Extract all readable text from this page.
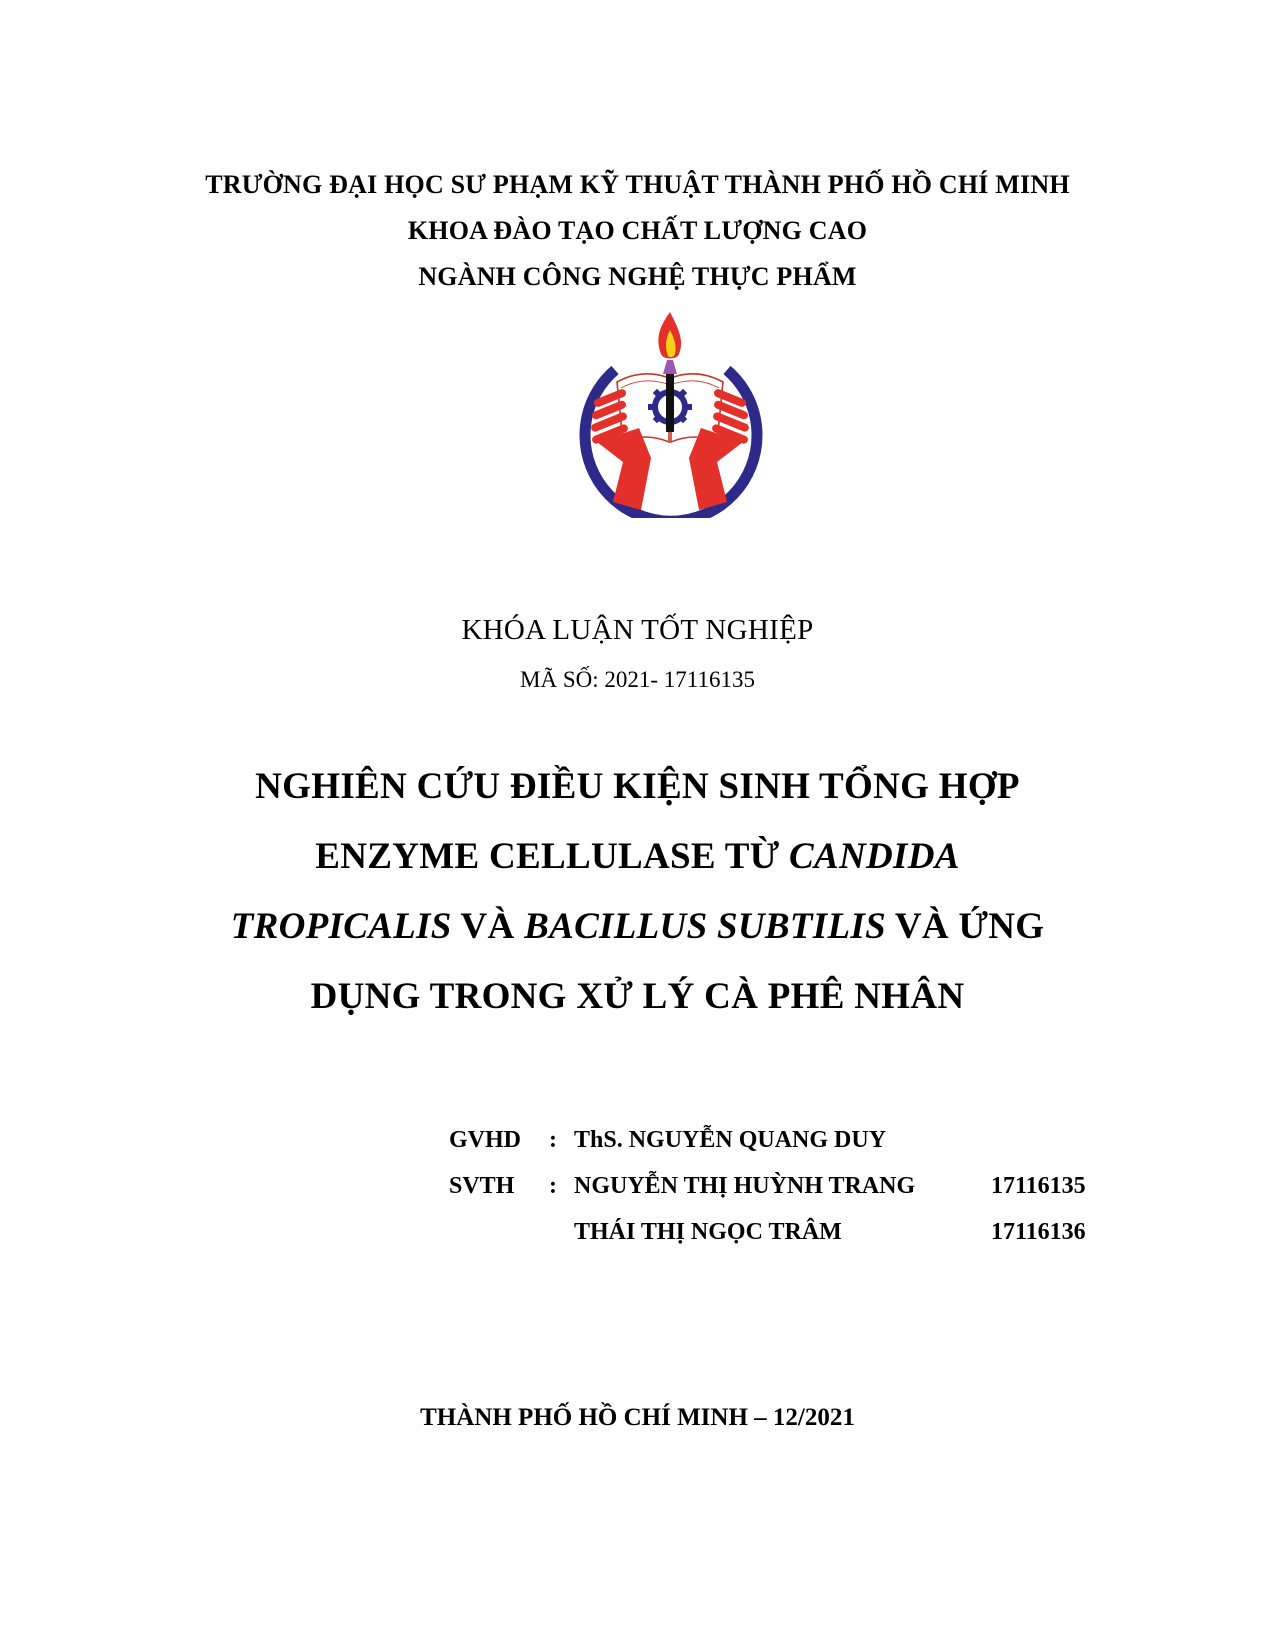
TRƯỜNG ĐẠI HỌC SƯ PHẠM KỸ THUẬT THÀNH PHỐ HỒ CHÍ MINH
KHOA ĐÀO TẠO CHẤT LƯỢNG CAO
NGÀNH CÔNG NGHỆ THỰC PHẨM
KHÓA LUẬN TỐT NGHIỆP
MÃ SỐ: 2021- 17116135
NGHIÊN CỨU ĐIỀU KIỆN SINH TỔNG HỢP
ENZYME CELLULASE TỪ CANDIDA
TROPICALIS VÀ BACILLUS SUBTILIS VÀ ỨNG
DỤNG TRONG XỬ LÝ CÀ PHÊ NHÂN
GVHD : ThS. NGUYỄN QUANG DUY
SVTH : NGUYỄN THỊ HUỲNH TRANG	17116135
THÁI THỊ NGỌC TRÂM	17116136
THÀNH PHỐ HỒ CHÍ MINH – 12/2021
